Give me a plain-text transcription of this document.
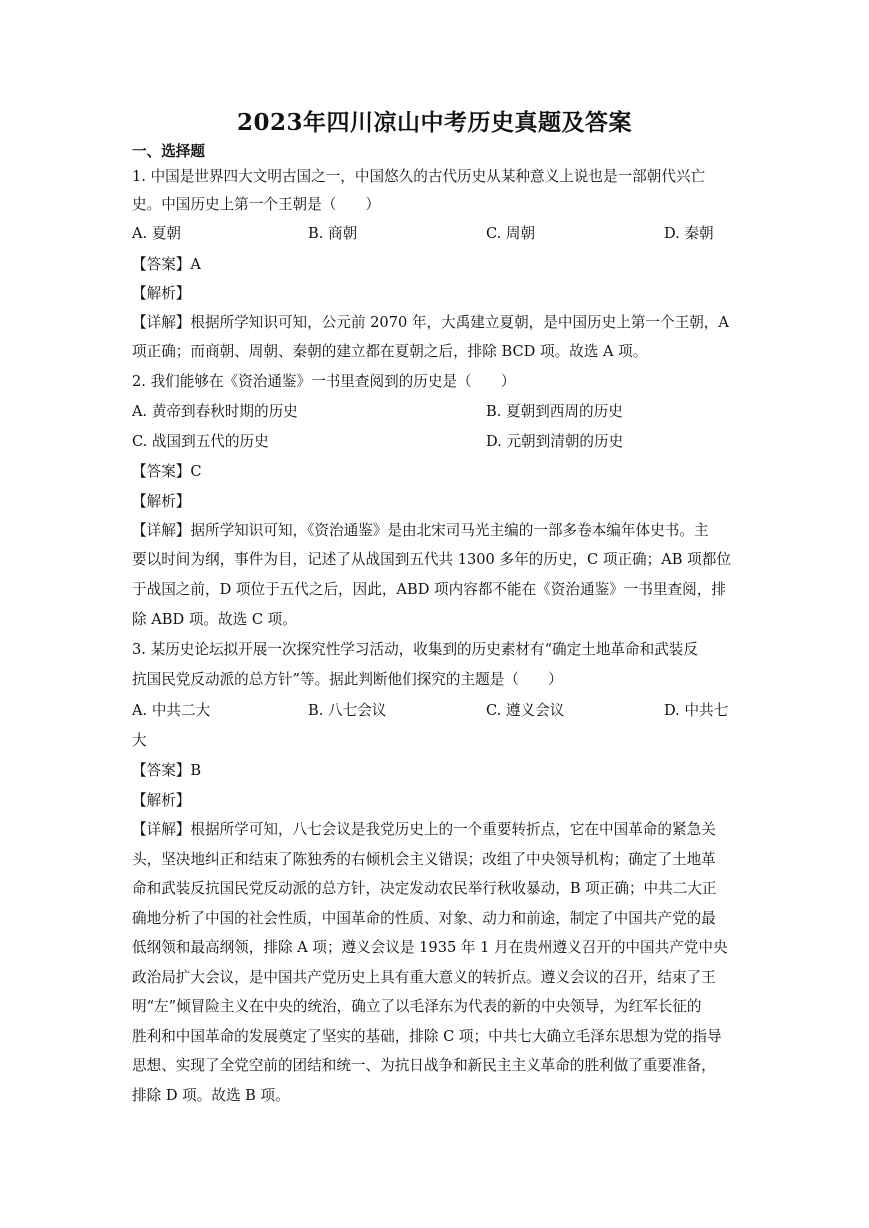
2023年四川凉山中考历史真题及答案
一、选择题
1. 中国是世界四大文明古国之一，中国悠久的古代历史从某种意义上说也是一部朝代兴亡
史。中国历史上第一个王朝是（　　）
A. 夏朝	B. 商朝	C. 周朝	D. 秦朝
【答案】A
【解析】
【详解】根据所学知识可知，公元前 2070 年，大禹建立夏朝，是中国历史上第一个王朝，A
项正确；而商朝、周朝、秦朝的建立都在夏朝之后，排除 BCD 项。故选 A 项。
2. 我们能够在《资治通鉴》一书里查阅到的历史是（　　）
A. 黄帝到春秋时期的历史	B. 夏朝到西周的历史
C. 战国到五代的历史	D. 元朝到清朝的历史
【答案】C
【解析】
【详解】据所学知识可知，《资治通鉴》是由北宋司马光主编的一部多卷本编年体史书。主
要以时间为纲，事件为目，记述了从战国到五代共 1300 多年的历史，C 项正确；AB 项都位
于战国之前，D 项位于五代之后，因此，ABD 项内容都不能在《资治通鉴》一书里查阅，排
除 ABD 项。故选 C 项。
3. 某历史论坛拟开展一次探究性学习活动，收集到的历史素材有“确定土地革命和武装反
抗国民党反动派的总方针”等。据此判断他们探究的主题是（　　）
A. 中共二大	B. 八七会议	C. 遵义会议	D. 中共七
大
【答案】B
【解析】
【详解】根据所学可知，八七会议是我党历史上的一个重要转折点，它在中国革命的紧急关
头，坚决地纠正和结束了陈独秀的右倾机会主义错误；改组了中央领导机构；确定了土地革
命和武装反抗国民党反动派的总方针，决定发动农民举行秋收暴动，B 项正确；中共二大正
确地分析了中国的社会性质，中国革命的性质、对象、动力和前途，制定了中国共产党的最
低纲领和最高纲领，排除 A 项；遵义会议是 1935 年 1 月在贵州遵义召开的中国共产党中央
政治局扩大会议，是中国共产党历史上具有重大意义的转折点。遵义会议的召开，结束了王
明“左”倾冒险主义在中央的统治，确立了以毛泽东为代表的新的中央领导，为红军长征的
胜利和中国革命的发展奠定了坚实的基础，排除 C 项；中共七大确立毛泽东思想为党的指导
思想、实现了全党空前的团结和统一、为抗日战争和新民主主义革命的胜利做了重要准备，
排除 D 项。故选 B 项。
